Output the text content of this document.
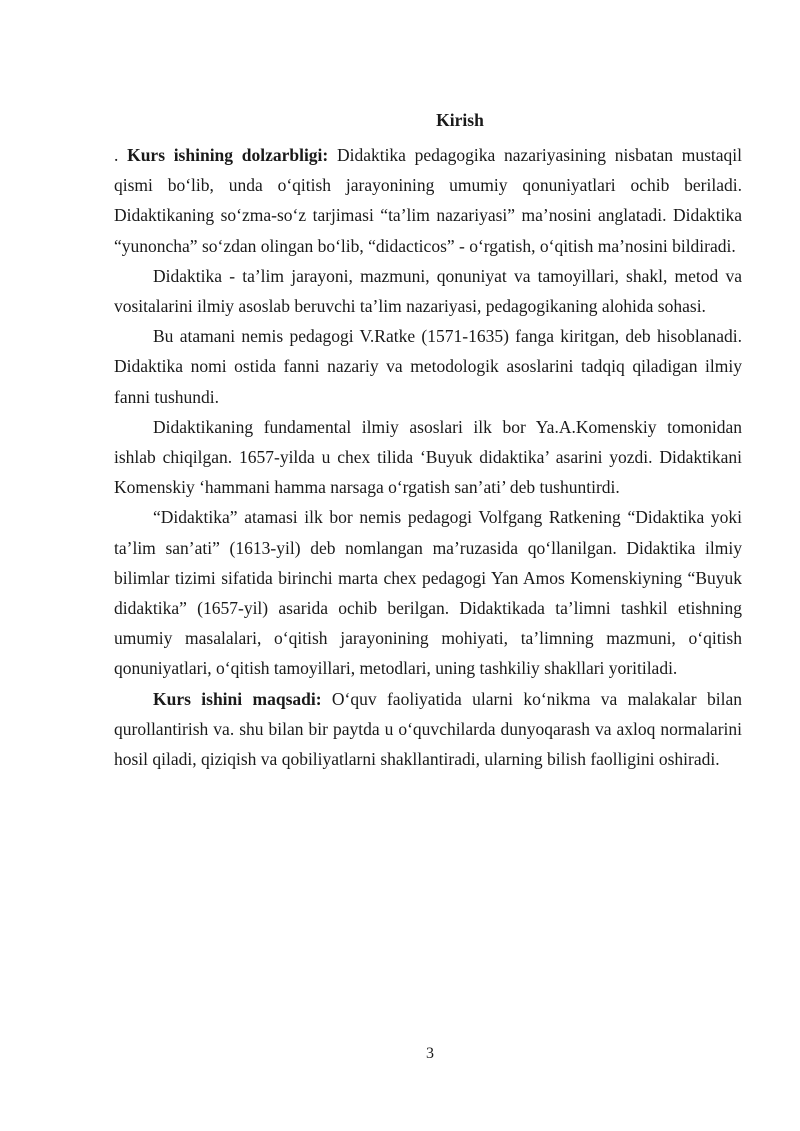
Kirish

. Kurs ishining dolzarbligi: Didaktika pedagogika nazariyasining nisbatan mustaqil qismi bo‘lib, unda o‘qitish jarayonining umumiy qonuniyatlari ochib beriladi. Didaktikaning so‘zma-so‘z tarjimasi “ta’lim nazariyasi” ma’nosini anglatadi. Didaktika “yunoncha” so‘zdan olingan bo‘lib, “didacticos” - o‘rgatish, o‘qitish ma’nosini bildiradi.

Didaktika - ta’lim jarayoni, mazmuni, qonuniyat va tamoyillari, shakl, metod va vositalarini ilmiy asoslab beruvchi ta’lim nazariyasi, pedagogikaning alohida sohasi.

Bu atamani nemis pedagogi V.Ratke (1571-1635) fanga kiritgan, deb hisoblanadi. Didaktika nomi ostida fanni nazariy va metodologik asoslarini tadqiq qiladigan ilmiy fanni tushundi.

Didaktikaning fundamental ilmiy asoslari ilk bor Ya.A.Komenskiy tomonidan ishlab chiqilgan. 1657-yilda u chex tilida ‘Buyuk didaktika’ asarini yozdi. Didaktikani Komenskiy ‘hammani hamma narsaga o‘rgatish san’ati’ deb tushuntirdi.

“Didaktika” atamasi ilk bor nemis pedagogi Volfgang Ratkening “Didaktika yoki ta’lim san’ati” (1613-yil) deb nomlangan ma’ruzasida qo‘llanilgan. Didaktika ilmiy bilimlar tizimi sifatida birinchi marta chex pedagogi Yan Amos Komenskiyning “Buyuk didaktika” (1657-yil) asarida ochib berilgan. Didaktikada ta’limni tashkil etishning umumiy masalalari, o‘qitish jarayonining mohiyati, ta’limning mazmuni, o‘qitish qonuniyatlari, o‘qitish tamoyillari, metodlari, uning tashkiliy shakllari yoritiladi.

Kurs ishini maqsadi: O‘quv faoliyatida ularni ko‘nikma va malakalar bilan qurollantirish va. shu bilan bir paytda u o‘quvchilarda dunyoqarash va axloq normalarini hosil qiladi, qiziqish va qobiliyatlarni shakllantiradi, ularning bilish faolligini oshiradi.

3
